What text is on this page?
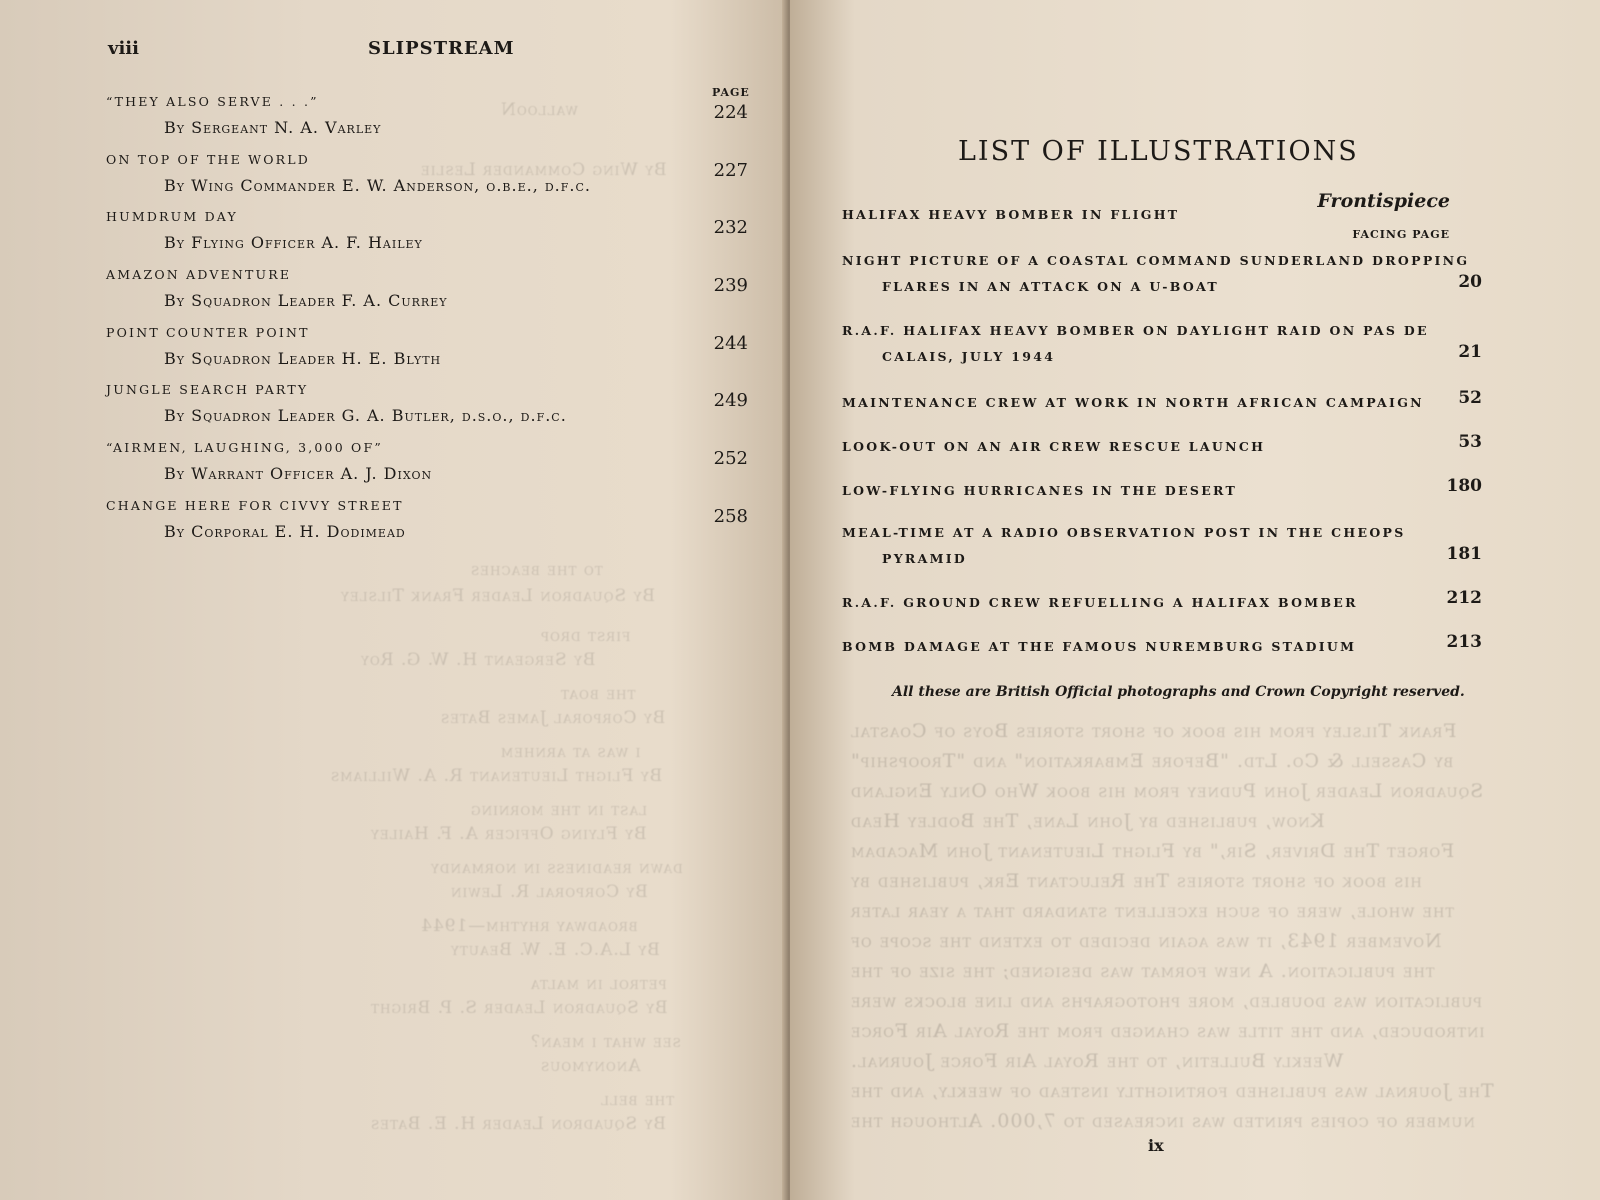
wallooN
By Wing Commander Leslie
to the beaches
By Squadron Leader Frank Tilsley
first drop
By Sergeant H. W. G. Roy
the boat
By Corporal James Bates
i was at arnhem
By Flight Lieutenant R. A. Williams
last in the morning
By Flying Officer A. F. Hailey
dawn readiness in normandy
By Corporal R. Lewin
broadway rhythm—1944
By L.A.C. E. W. Beauty
petrol in malta
By Squadron Leader S. P. Bright
see what i mean?
Anonymous
the bell
By Squadron Leader H. E. Bates
viii	SLIPSTREAM
PAGE
“THEY ALSO SERVE . . .”
By Sergeant N. A. Varley
224
ON TOP OF THE WORLD
By Wing Commander E. W. Anderson, o.b.e., d.f.c.
227
HUMDRUM DAY
By Flying Officer A. F. Hailey
232
AMAZON ADVENTURE
By Squadron Leader F. A. Currey
239
POINT COUNTER POINT
By Squadron Leader H. E. Blyth
244
JUNGLE SEARCH PARTY
By Squadron Leader G. A. Butler, d.s.o., d.f.c.
249
“AIRMEN, LAUGHING, 3,000 OF”
By Warrant Officer A. J. Dixon
252
CHANGE HERE FOR CIVVY STREET
By Corporal E. H. Dodimead
258
Frank Tilsley from his book of short stories Boys of Coastal
by Cassell & Co. Ltd. "Before Embarkation" and "Troopship"
Squadron Leader John Pudney from his book Who Only England
Know, published by John Lane, The Bodley Head
Forget The Driver, Sir," by Flight Lieutenant John Macadam
his book of short stories The Reluctant Erk, published by
the whole, were of such excellent standard that a year later
November 1943, it was again decided to extend the scope of
the publication. A new format was designed; the size of the
publication was doubled, more photographs and line blocks were
introduced, and the title was changed from the Royal Air Force
Weekly Bulletin, to the Royal Air Force Journal.
The Journal was published fortnightly instead of weekly, and the
number of copies printed was increased to 7,000. Although the
LIST OF ILLUSTRATIONS
Frontispiece
FACING PAGE
HALIFAX HEAVY BOMBER IN FLIGHT
NIGHT PICTURE OF A COASTAL COMMAND SUNDERLAND DROPPING
FLARES IN AN ATTACK ON A U-BOAT	20
R.A.F. HALIFAX HEAVY BOMBER ON DAYLIGHT RAID ON PAS DE
CALAIS, JULY 1944	21
MAINTENANCE CREW AT WORK IN NORTH AFRICAN CAMPAIGN	52
LOOK-OUT ON AN AIR CREW RESCUE LAUNCH	53
LOW-FLYING HURRICANES IN THE DESERT	180
MEAL-TIME AT A RADIO OBSERVATION POST IN THE CHEOPS
PYRAMID	181
R.A.F. GROUND CREW REFUELLING A HALIFAX BOMBER	212
BOMB DAMAGE AT THE FAMOUS NUREMBURG STADIUM	213
All these are British Official photographs and Crown Copyright reserved.
ix
